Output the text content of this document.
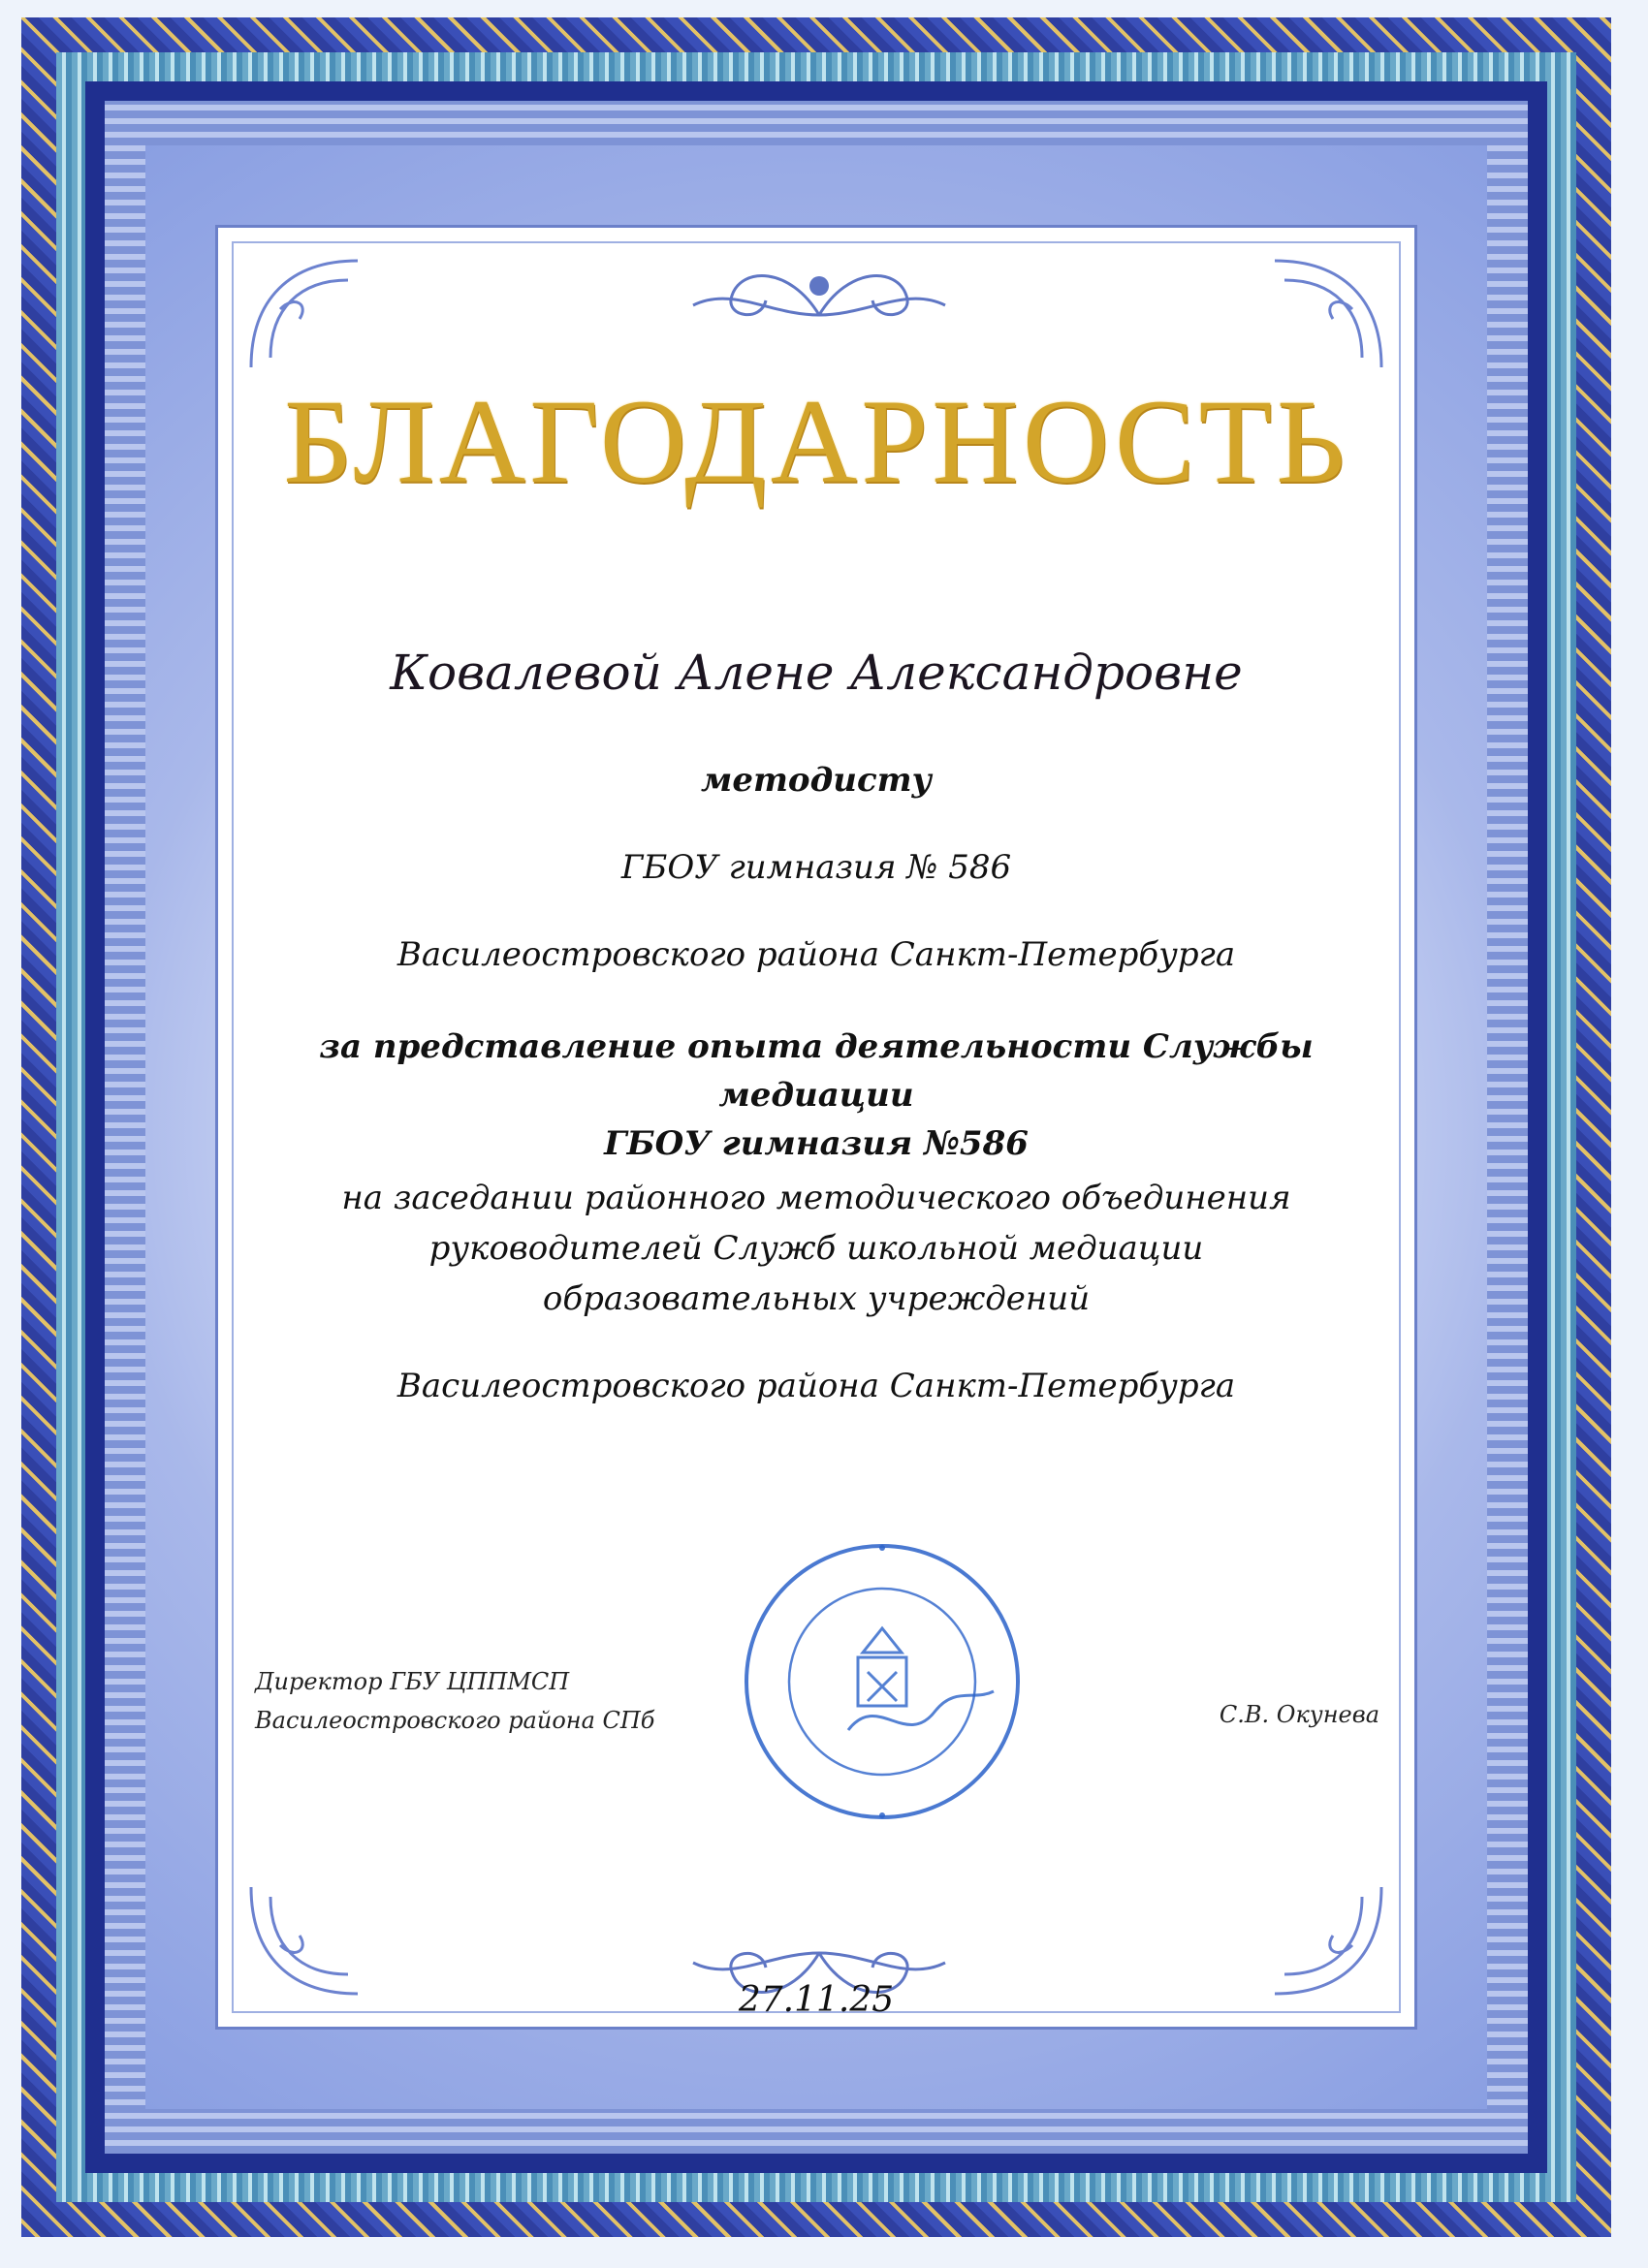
БЛАГОДАРНОСТЬ
Ковалевой Алене Александровне
методисту
ГБОУ гимназия № 586
Василеостровского района Санкт-Петербурга
за представление опыта деятельности Службы медиации
ГБОУ гимназия №586
на заседании районного методического объединения
руководителей Служб школьной медиации
образовательных учреждений
Василеостровского района Санкт-Петербурга
Директор ГБУ ЦППМСП
Василеостровского района СПб	С.В. Окунева
27.11.25
